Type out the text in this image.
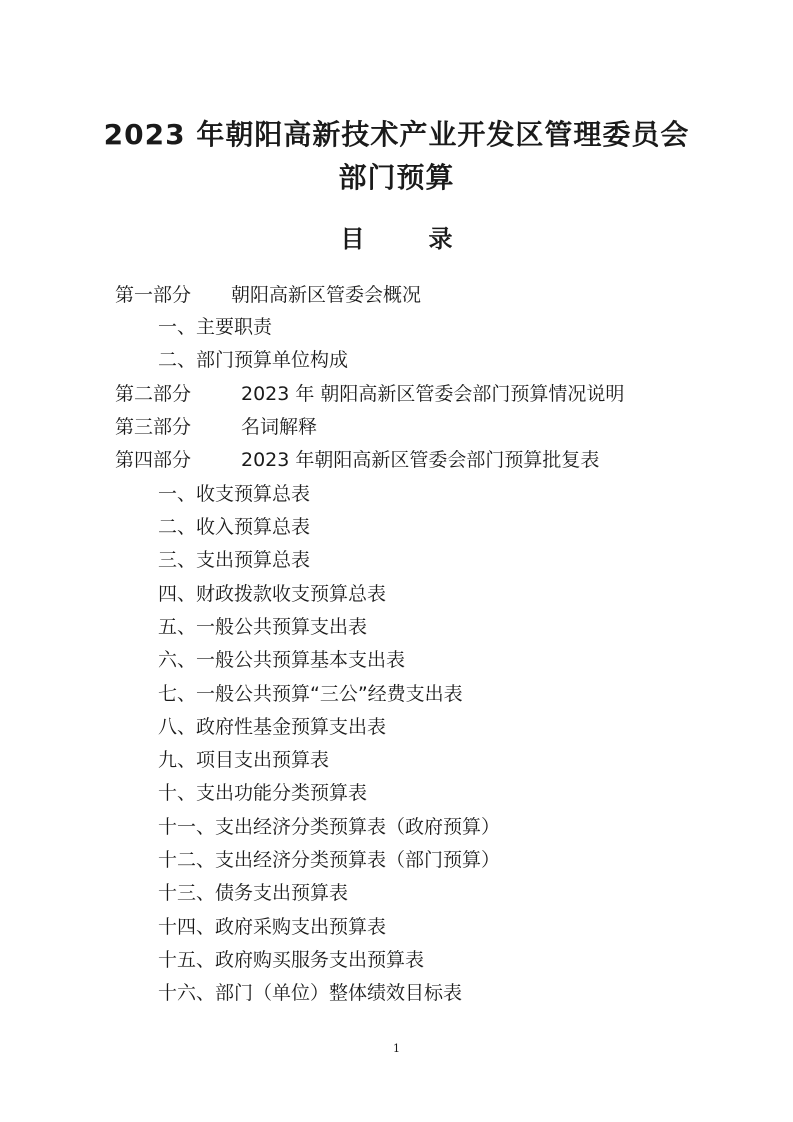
2023 年朝阳高新技术产业开发区管理委员会
部门预算
目	录
第一部分 朝阳高新区管委会概况
一、主要职责
二、部门预算单位构成
第二部分	2023 年 朝阳高新区管委会部门预算情况说明
第三部分	名词解释
第四部分	2023 年朝阳高新区管委会部门预算批复表
一、收支预算总表
二、收入预算总表
三、支出预算总表
四、财政拨款收支预算总表
五、一般公共预算支出表
六、一般公共预算基本支出表
七、一般公共预算“三公”经费支出表
八、政府性基金预算支出表
九、项目支出预算表
十、支出功能分类预算表
十一、支出经济分类预算表（政府预算）
十二、支出经济分类预算表（部门预算）
十三、债务支出预算表
十四、政府采购支出预算表
十五、政府购买服务支出预算表
十六、部门（单位）整体绩效目标表
1
